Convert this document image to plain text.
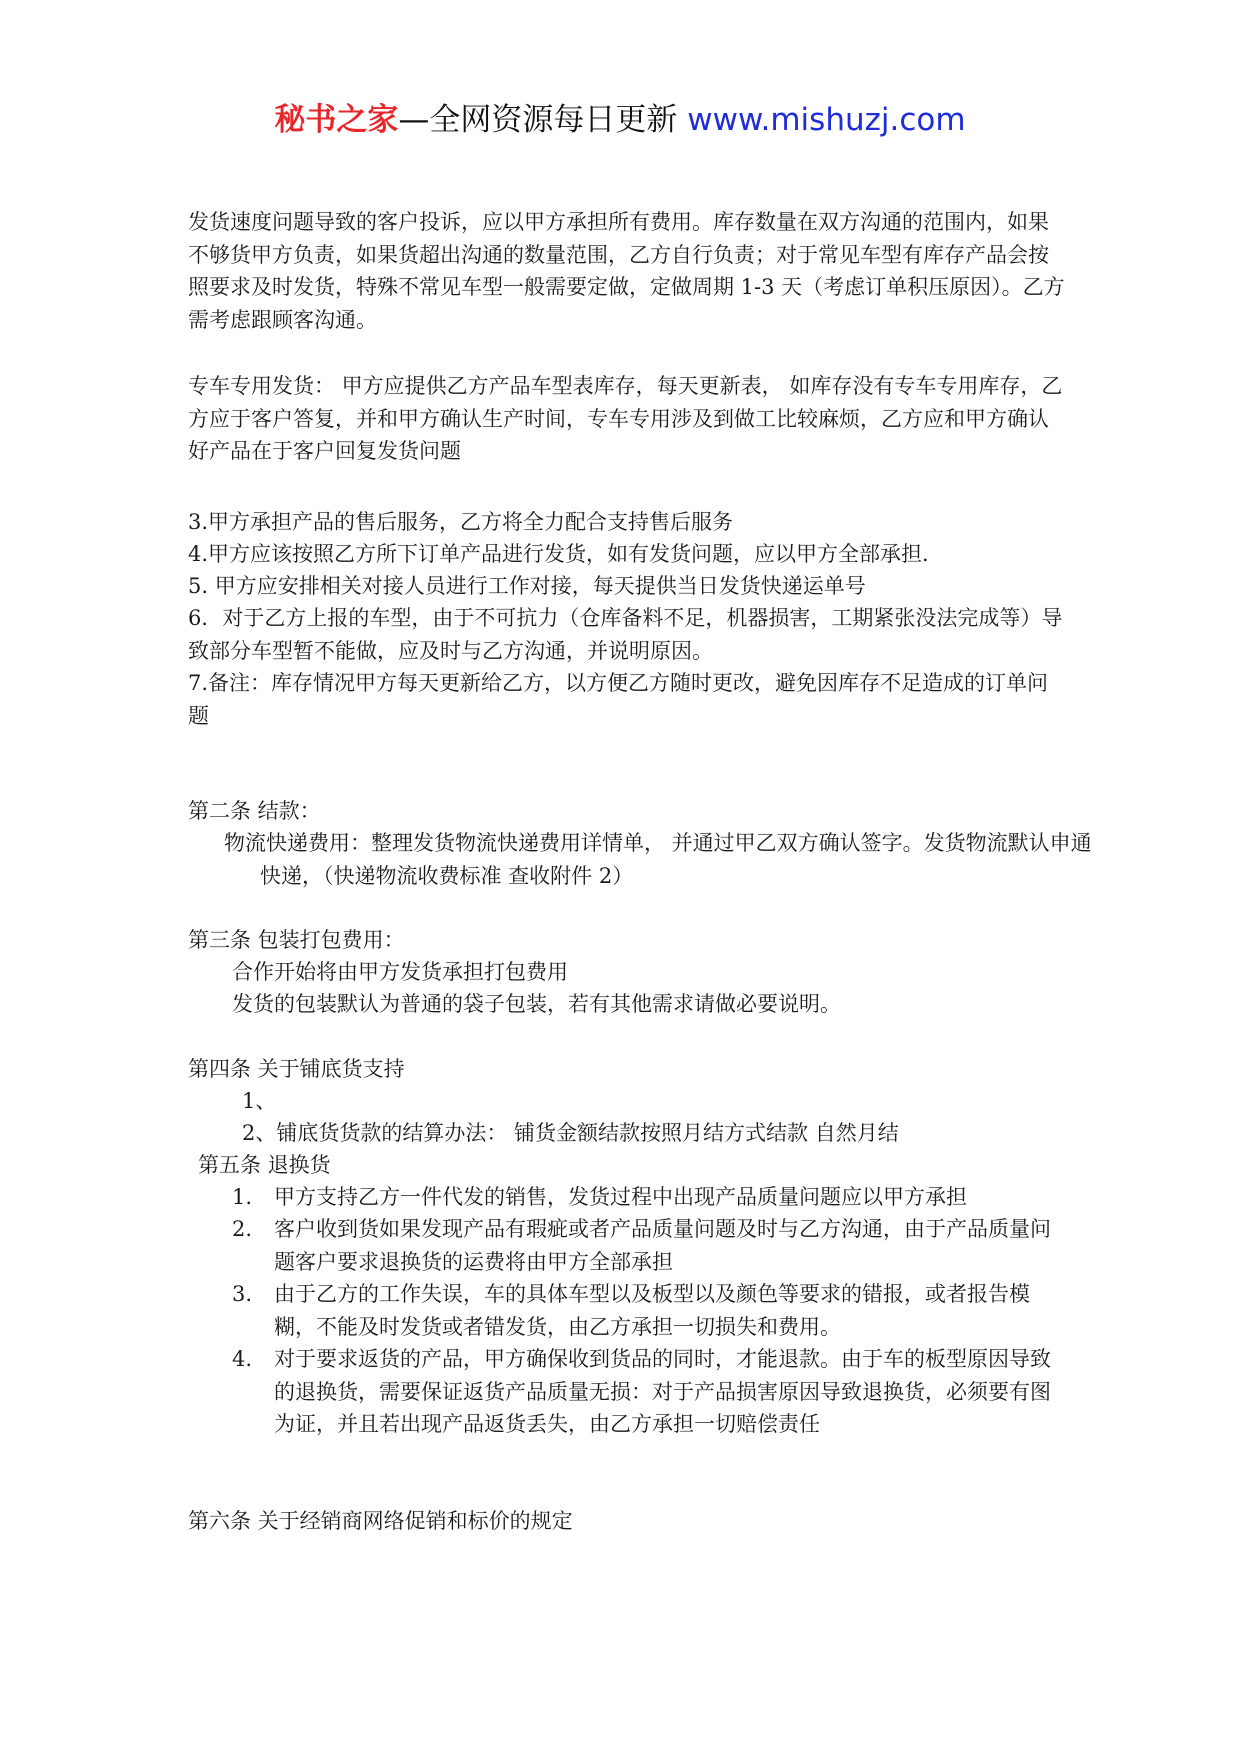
秘书之家—全网资源每日更新 www.mishuzj.com

发货速度问题导致的客户投诉，应以甲方承担所有费用。库存数量在双方沟通的范围内，如果不够货甲方负责，如果货超出沟通的数量范围，乙方自行负责；对于常见车型有库存产品会按照要求及时发货，特殊不常见车型一般需要定做，定做周期 1-3 天（考虑订单积压原因）。乙方需考虑跟顾客沟通。

专车专用发货： 甲方应提供乙方产品车型表库存，每天更新表， 如库存没有专车专用库存，乙方应于客户答复，并和甲方确认生产时间，专车专用涉及到做工比较麻烦，乙方应和甲方确认好产品在于客户回复发货问题

3.甲方承担产品的售后服务，乙方将全力配合支持售后服务

4.甲方应该按照乙方所下订单产品进行发货，如有发货问题，应以甲方全部承担.

5. 甲方应安排相关对接人员进行工作对接，每天提供当日发货快递运单号

6．对于乙方上报的车型，由于不可抗力（仓库备料不足，机器损害，工期紧张没法完成等）导致部分车型暂不能做，应及时与乙方沟通，并说明原因。

7.备注：库存情况甲方每天更新给乙方，以方便乙方随时更改，避免因库存不足造成的订单问题

第二条 结款：

物流快递费用：整理发货物流快递费用详情单， 并通过甲乙双方确认签字。发货物流默认申通快递，（快递物流收费标准 查收附件 2）

第三条 包装打包费用：

合作开始将由甲方发货承担打包费用

发货的包装默认为普通的袋子包装，若有其他需求请做必要说明。

第四条 关于铺底货支持

1、

2、铺底货货款的结算办法： 铺货金额结款按照月结方式结款 自然月结

第五条 退换货

1. 甲方支持乙方一件代发的销售，发货过程中出现产品质量问题应以甲方承担

2. 客户收到货如果发现产品有瑕疵或者产品质量问题及时与乙方沟通，由于产品质量问题客户要求退换货的运费将由甲方全部承担

3. 由于乙方的工作失误，车的具体车型以及板型以及颜色等要求的错报，或者报告模糊，不能及时发货或者错发货，由乙方承担一切损失和费用。

4. 对于要求返货的产品，甲方确保收到货品的同时，才能退款。由于车的板型原因导致的退换货，需要保证返货产品质量无损：对于产品损害原因导致退换货，必须要有图为证，并且若出现产品返货丢失，由乙方承担一切赔偿责任

第六条 关于经销商网络促销和标价的规定
